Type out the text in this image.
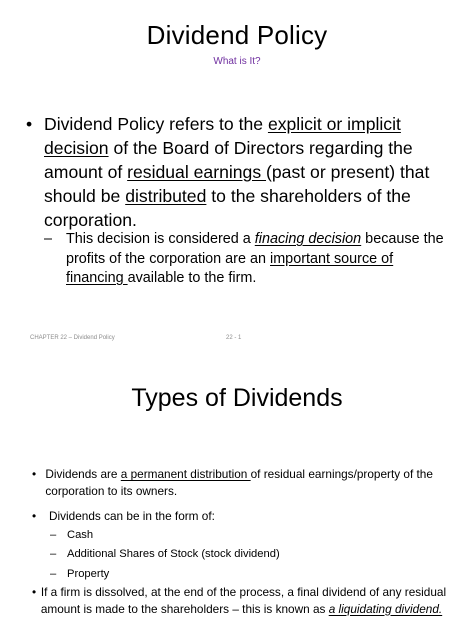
Dividend Policy
What is It?
• Dividend Policy refers to the explicit or implicit decision of the Board of Directors regarding the amount of residual earnings (past or present) that should be distributed to the shareholders of the corporation.
– This decision is considered a finacing decision because the profits of the corporation are an important source of financing available to the firm.
CHAPTER 22 – Dividend Policy	22 - 1
Types of Dividends
• Dividends are a permanent distribution of residual earnings/property of the corporation to its owners.
•	Dividends can be in the form of:
– Cash
– Additional Shares of Stock (stock dividend)
– Property
• If a firm is dissolved, at the end of the process, a final dividend of any residual amount is made to the shareholders – this is known as a liquidating dividend.
